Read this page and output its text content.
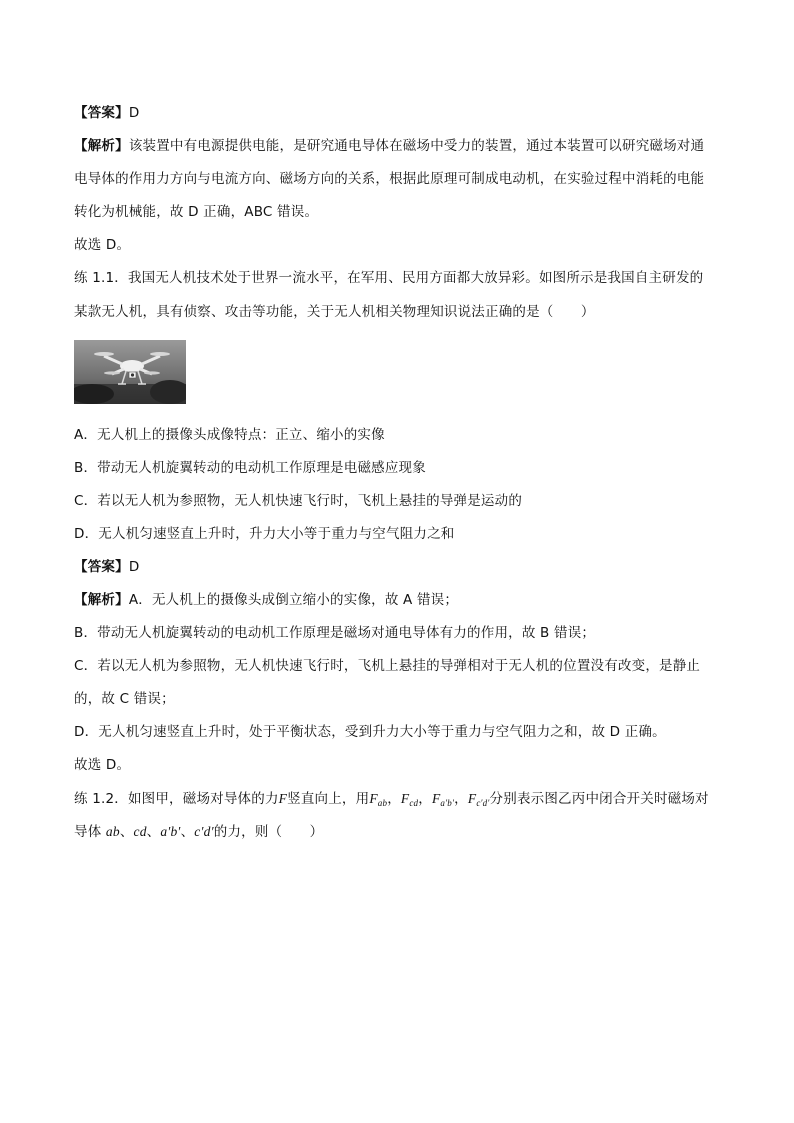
【答案】D
【解析】该装置中有电源提供电能，是研究通电导体在磁场中受力的装置，通过本装置可以研究磁场对通
电导体的作用力方向与电流方向、磁场方向的关系，根据此原理可制成电动机，在实验过程中消耗的电能
转化为机械能，故 D 正确，ABC 错误。
故选 D。
练 1.1．我国无人机技术处于世界一流水平，在军用、民用方面都大放异彩。如图所示是我国自主研发的
某款无人机，具有侦察、攻击等功能，关于无人机相关物理知识说法正确的是（　　）
A．无人机上的摄像头成像特点：正立、缩小的实像
B．带动无人机旋翼转动的电动机工作原理是电磁感应现象
C．若以无人机为参照物，无人机快速飞行时，飞机上悬挂的导弹是运动的
D．无人机匀速竖直上升时，升力大小等于重力与空气阻力之和
【答案】D
【解析】A．无人机上的摄像头成倒立缩小的实像，故 A 错误；
B．带动无人机旋翼转动的电动机工作原理是磁场对通电导体有力的作用，故 B 错误；
C．若以无人机为参照物，无人机快速飞行时，飞机上悬挂的导弹相对于无人机的位置没有改变，是静止
的，故 C 错误；
D．无人机匀速竖直上升时，处于平衡状态，受到升力大小等于重力与空气阻力之和，故 D 正确。
故选 D。
练 1.2．如图甲，磁场对导体的力F竖直向上，用$F_{ab}$，$F_{cd}$，$F_{a'b'}$，$F_{c'd'}$分别表示图乙丙中闭合开关时磁场对
导体 ab、cd、a′b′、c′d′的力，则（　　）
